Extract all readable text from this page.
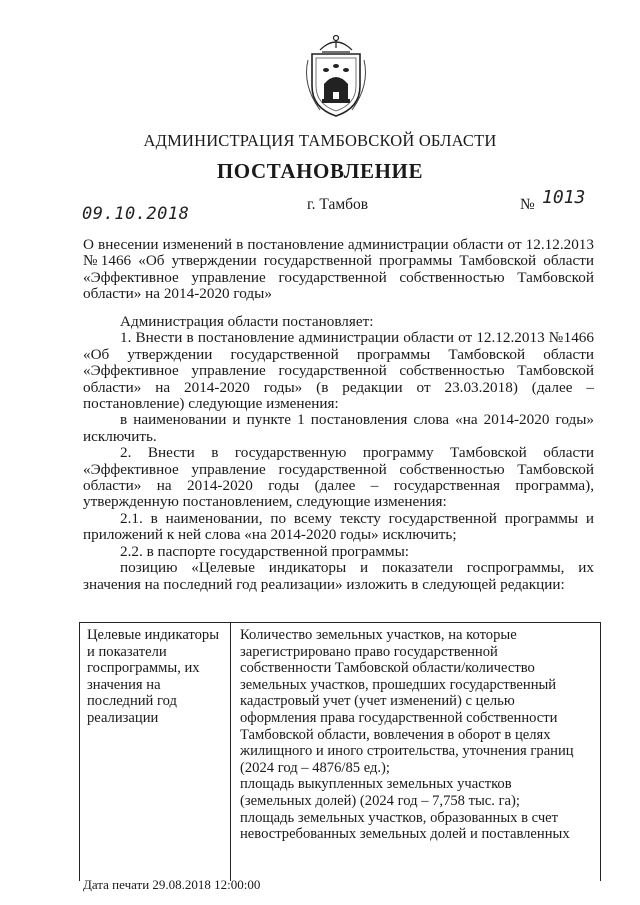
АДМИНИСТРАЦИЯ ТАМБОВСКОЙ ОБЛАСТИ
ПОСТАНОВЛЕНИЕ
г. Тамбов	№ 1013
09.10.2018
О внесении изменений в постановление администрации области от 12.12.2013 №1466 «Об утверждении государственной программы Тамбовской области «Эффективное управление государственной собственностью Тамбовской области» на 2014-2020 годы»

Администрация области постановляет:

1. Внести в постановление администрации области от 12.12.2013 №1466 «Об утверждении государственной программы Тамбовской области «Эффективное управление государственной собственностью Тамбовской области» на 2014-2020 годы» (в редакции от 23.03.2018) (далее – постановление) следующие изменения:

в наименовании и пункте 1 постановления слова «на 2014-2020 годы» исключить.

2. Внести в государственную программу Тамбовской области «Эффективное управление государственной собственностью Тамбовской области» на 2014-2020 годы (далее – государственная программа), утвержденную постановлением, следующие изменения:

2.1. в наименовании, по всему тексту государственной программы и приложений к ней слова «на 2014-2020 годы» исключить;

2.2. в паспорте государственной программы:

позицию «Целевые индикаторы и показатели госпрограммы, их значения на последний год реализации» изложить в следующей редакции:

Целевые индикаторы и показатели госпрограммы, их значения на последний год реализации
Количество земельных участков, на которые
зарегистрировано право государственной
собственности Тамбовской области/количество
земельных участков, прошедших государственный
кадастровый учет (учет изменений) с целью
оформления права государственной собственности
Тамбовской области, вовлечения в оборот в целях
жилищного и иного строительства, уточнения границ
(2024 год – 4876/85 ед.);
площадь выкупленных земельных участков
(земельных долей) (2024 год – 7,758 тыс. га);
площадь земельных участков, образованных в счет
невостребованных земельных долей и поставленных
Дата печати 29.08.2018 12:00:00
